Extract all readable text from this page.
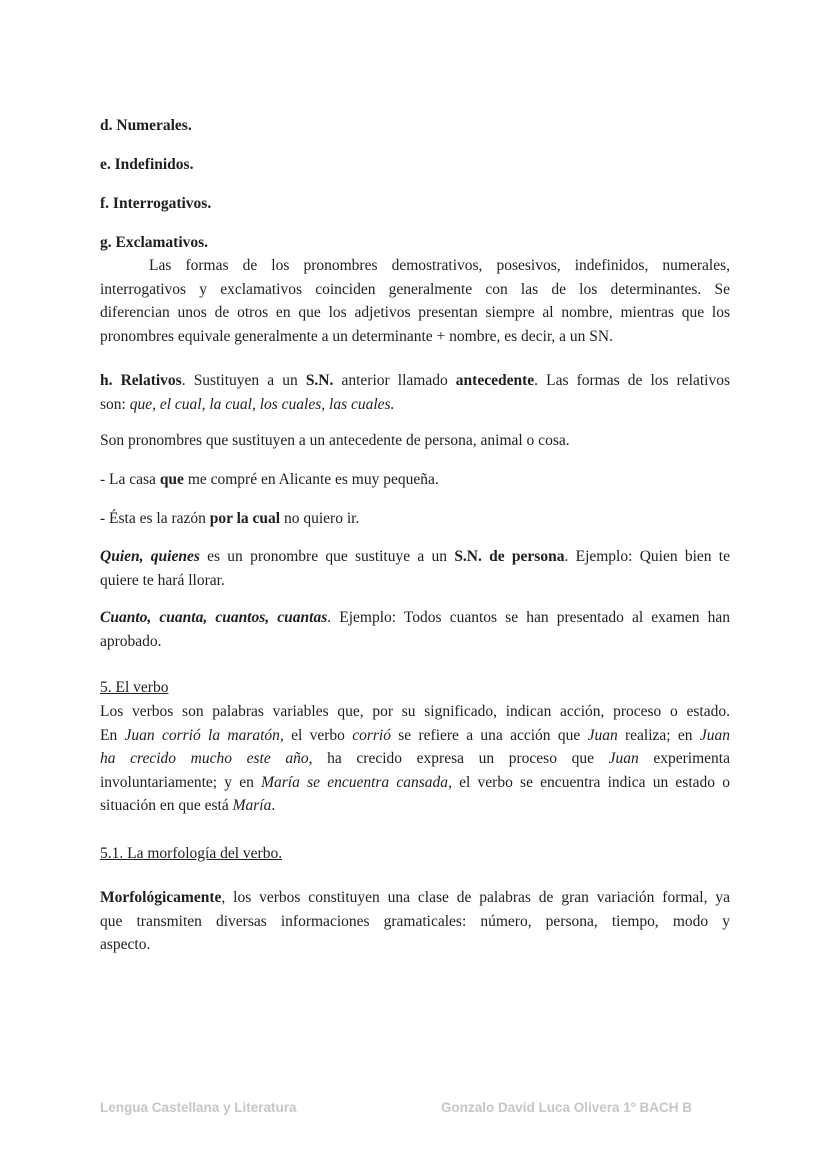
d. Numerales.
e. Indefinidos.
f. Interrogativos.
g. Exclamativos.
Las formas de los pronombres demostrativos, posesivos, indefinidos, numerales,
interrogativos y exclamativos coinciden generalmente con las de los determinantes. Se
diferencian unos de otros en que los adjetivos presentan siempre al nombre, mientras que los
pronombres equivale generalmente a un determinante + nombre, es decir, a un SN.
h. Relativos. Sustituyen a un S.N. anterior llamado antecedente. Las formas de los relativos
son: que, el cual, la cual, los cuales, las cuales.
Son pronombres que sustituyen a un antecedente de persona, animal o cosa.
- La casa que me compré en Alicante es muy pequeña.
- Ésta es la razón por la cual no quiero ir.
Quien, quienes es un pronombre que sustituye a un S.N. de persona. Ejemplo: Quien bien te
quiere te hará llorar.
Cuanto, cuanta, cuantos, cuantas. Ejemplo: Todos cuantos se han presentado al examen han
aprobado.
5. El verbo
Los verbos son palabras variables que, por su significado, indican acción, proceso o estado.
En Juan corrió la maratón, el verbo corrió se refiere a una acción que Juan realiza; en Juan
ha crecido mucho este año, ha crecido expresa un proceso que Juan experimenta
involuntariamente; y en María se encuentra cansada, el verbo se encuentra indica un estado o
situación en que está María.
5.1. La morfología del verbo.
Morfológicamente, los verbos constituyen una clase de palabras de gran variación formal, ya
que transmiten diversas informaciones gramaticales: número, persona, tiempo, modo y
aspecto.
Lengua Castellana y Literatura	Gonzalo David Luca Olivera 1º BACH B
